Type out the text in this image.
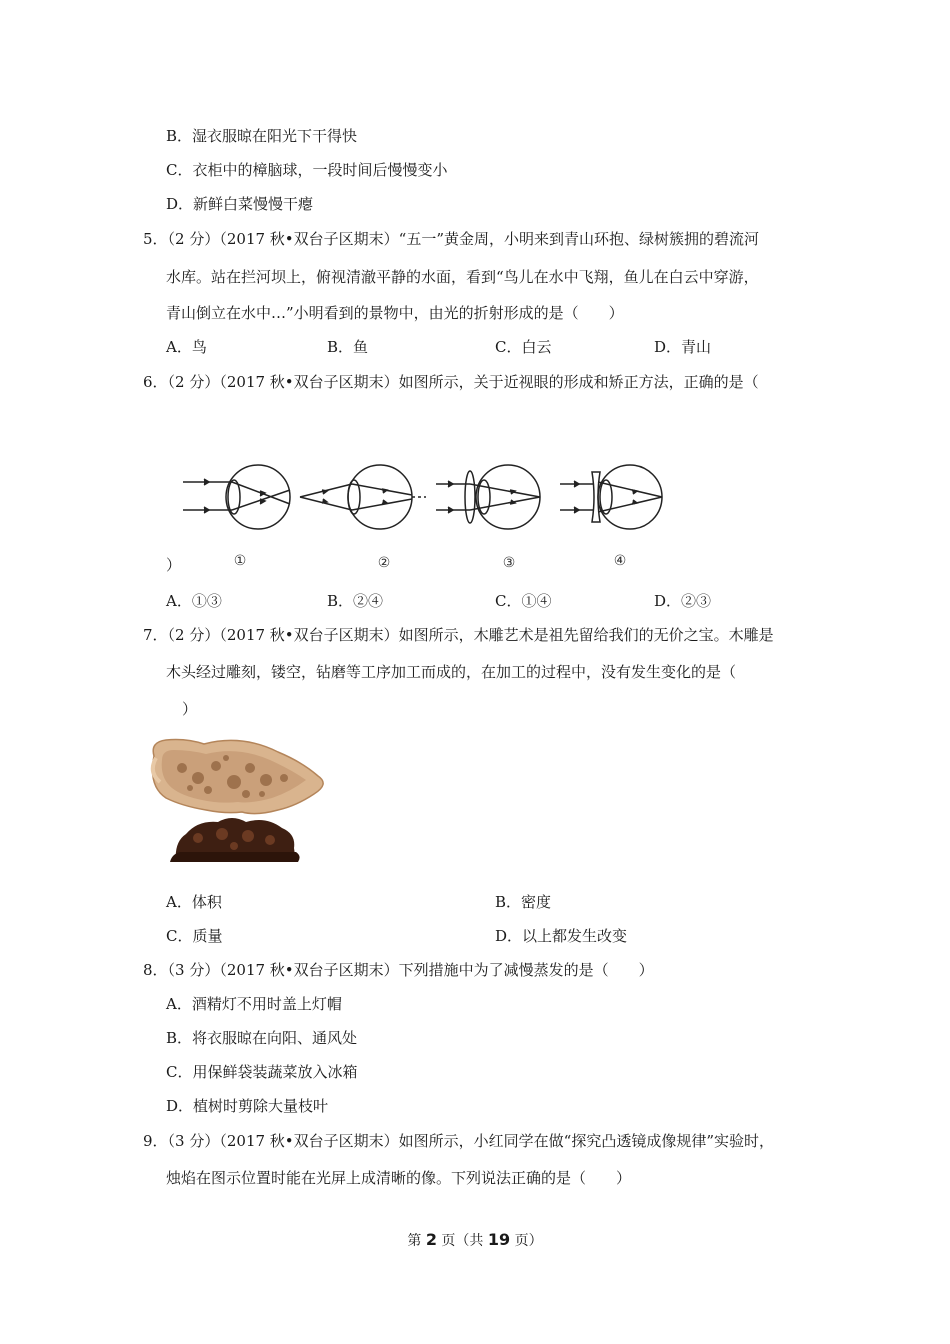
B．湿衣服晾在阳光下干得快
C．衣柜中的樟脑球，一段时间后慢慢变小
D．新鲜白菜慢慢干瘪
5．（2 分）（2017 秋•双台子区期末）“五一”黄金周，小明来到青山环抱、绿树簇拥的碧流河
水库。站在拦河坝上，俯视清澈平静的水面，看到“鸟儿在水中飞翔，鱼儿在白云中穿游，
青山倒立在水中…”小明看到的景物中，由光的折射形成的是（　　）
A．鸟	B．鱼	C．白云	D．青山
6．（2 分）（2017 秋•双台子区期末）如图所示，关于近视眼的形成和矫正方法，正确的是（
①	②	③	④
）
A．①③	B．②④	C．①④	D．②③
7．（2 分）（2017 秋•双台子区期末）如图所示，木雕艺术是祖先留给我们的无价之宝。木雕是
木头经过雕刻，镂空，钻磨等工序加工而成的，在加工的过程中，没有发生变化的是（
）
A．体积	B．密度
C．质量	D．以上都发生改变
8．（3 分）（2017 秋•双台子区期末）下列措施中为了减慢蒸发的是（　　）
A．酒精灯不用时盖上灯帽
B．将衣服晾在向阳、通风处
C．用保鲜袋装蔬菜放入冰箱
D．植树时剪除大量枝叶
9．（3 分）（2017 秋•双台子区期末）如图所示，小红同学在做“探究凸透镜成像规律”实验时，
烛焰在图示位置时能在光屏上成清晰的像。下列说法正确的是（　　）
第 2 页（共 19 页）
